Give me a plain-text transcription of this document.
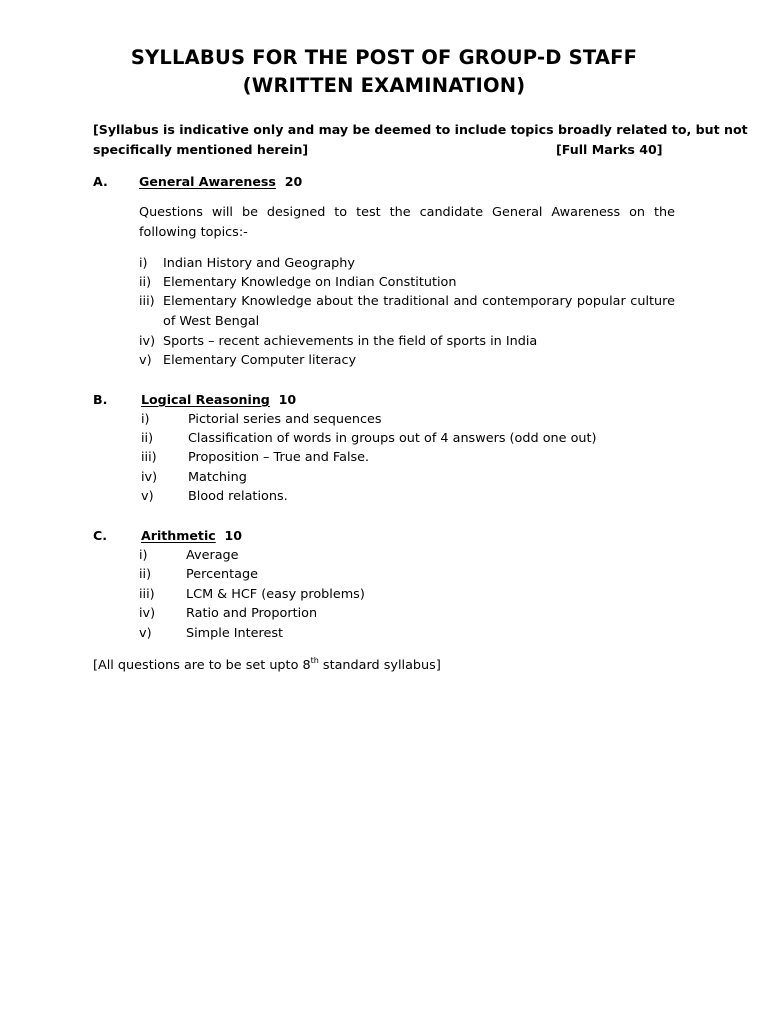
SYLLABUS FOR THE POST OF GROUP-D STAFF
(WRITTEN EXAMINATION)
[Syllabus is indicative only and may be deemed to include topics broadly related to, but not
specifically mentioned herein]	[Full Marks 40]
A. General Awareness 20
Questions will be designed to test the candidate General Awareness on the following topics:-
i) Indian History and Geography
ii) Elementary Knowledge on Indian Constitution
iii) Elementary Knowledge about the traditional and contemporary popular culture of West Bengal
iv) Sports – recent achievements in the field of sports in India
v) Elementary Computer literacy
B.	Logical Reasoning 10
i)	Pictorial series and sequences
ii)	Classification of words in groups out of 4 answers (odd one out)
iii) Proposition – True and False.
iv) Matching
v)	Blood relations.
C.	Arithmetic 10
i)	Average
ii)	Percentage
iii) LCM & HCF (easy problems)
iv) Ratio and Proportion
v)	Simple Interest
[All questions are to be set upto 8th standard syllabus]
